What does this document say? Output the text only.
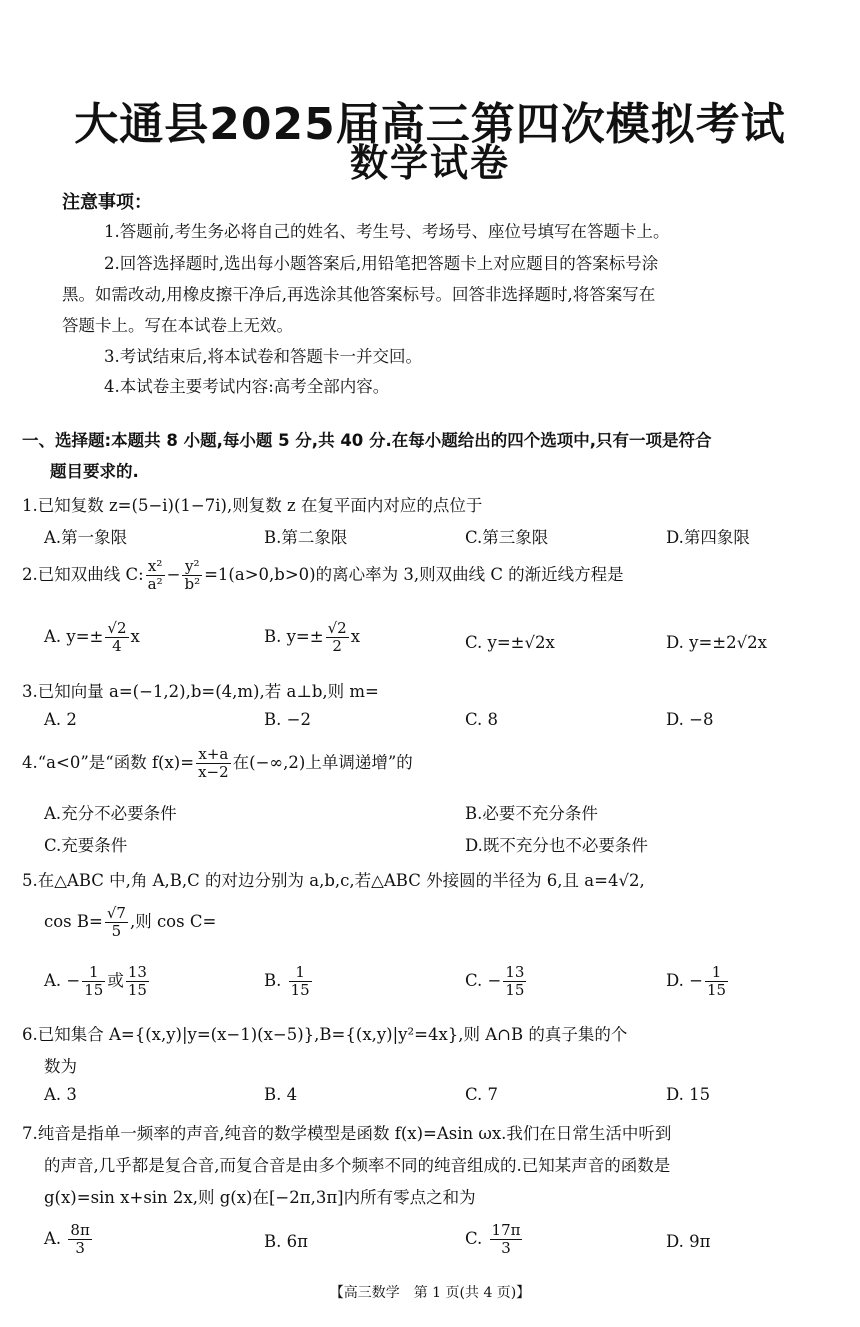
大通县2025届高三第四次模拟考试
数学试卷
注意事项：
1.答题前,考生务必将自己的姓名、考生号、考场号、座位号填写在答题卡上。
2.回答选择题时,选出每小题答案后,用铅笔把答题卡上对应题目的答案标号涂
黑。如需改动,用橡皮擦干净后,再选涂其他答案标号。回答非选择题时,将答案写在
答题卡上。写在本试卷上无效。
3.考试结束后,将本试卷和答题卡一并交回。
4.本试卷主要考试内容:高考全部内容。
一、选择题:本题共 8 小题,每小题 5 分,共 40 分.在每小题给出的四个选项中,只有一项是符合
题目要求的.
1.已知复数 z=(5−i)(1−7i),则复数 z 在复平面内对应的点位于
A.第一象限	B.第二象限	C.第三象限	D.第四象限
2.已知双曲线 C: $\frac{\text{x²}}{\text{a²}} - \frac{\text{y²}}{\text{b²}} =1(a>0,b>0)$的离心率为 3,则双曲线 C 的渐近线方程是
A. $y=\pm \frac{√2}{4}$ x	B. $y=\pm \frac{√2}{2}$ x	C. y=±√2x	D. y=±2√2x
3.已知向量 a=(−1,2),b=(4,m),若 a⊥b,则 m=
A. 2	B. −2	C. 8	D. −8
4.“a<0”是“函数 $f(x)= \frac{x+a}{x-2}$ 在(−∞,2)上单调递增”的
A.充分不必要条件	B.必要不充分条件
C.充要条件	D.既不充分也不必要条件
5.在△ABC 中,角 A,B,C 的对边分别为 a,b,c,若△ABC 外接圆的半径为 6,且 a=4√2,
$\cos B= \frac{√7}{5}$ ,则 cos C=
A. − $\frac{1}{15}$ 或 $\frac{13}{15}$	B. $\frac{1}{15}$	C. − $\frac{13}{15}$	D. − $\frac{1}{15}$
6.已知集合 A={(x,y)|y=(x−1)(x−5)},B={(x,y)|y²=4x},则 A∩B 的真子集的个
数为
A. 3	B. 4	C. 7	D. 15
7.纯音是指单一频率的声音,纯音的数学模型是函数 f(x)=Asin ωx.我们在日常生活中听到
的声音,几乎都是复合音,而复合音是由多个频率不同的纯音组成的.已知某声音的函数是
g(x)=sin x+sin 2x,则 g(x)在[−2π,3π]内所有零点之和为
A. $\frac{8\pi}{3}$	B. 6π	C. $\frac{17\pi}{3}$	D. 9π
【高三数学　第 1 页(共 4 页)】
